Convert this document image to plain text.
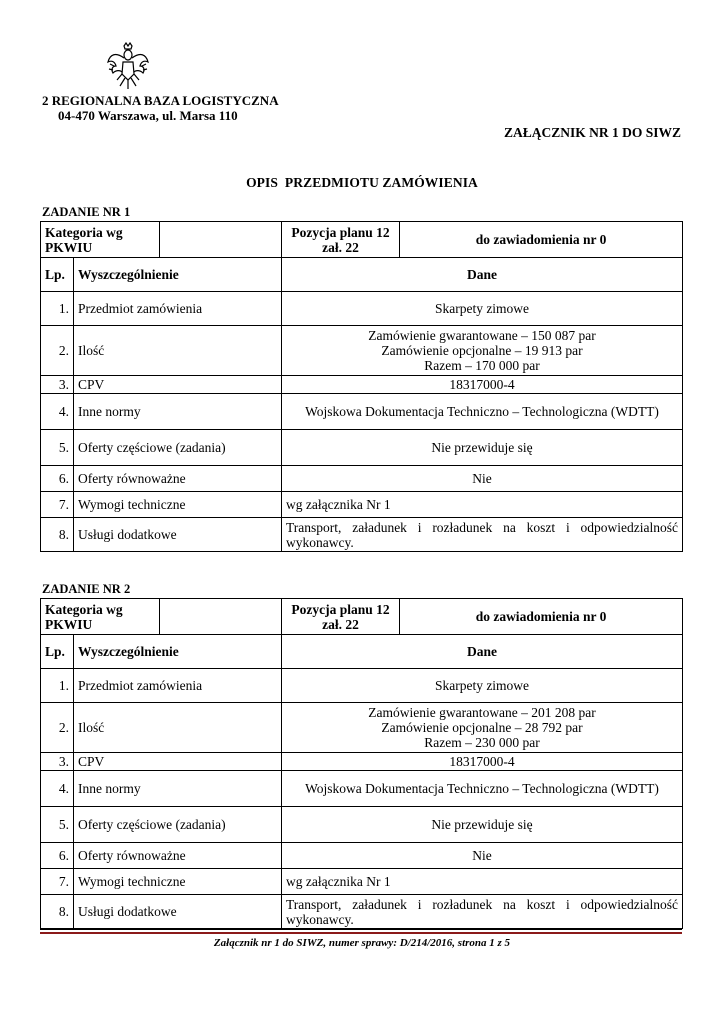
2 REGIONALNA BAZA LOGISTYCZNA
04-470 Warszawa, ul. Marsa 110
ZAŁĄCZNIK NR 1 DO SIWZ
OPIS  PRZEDMIOTU ZAMÓWIENIA
ZADANIE NR 1
Kategoria wg PKWIU			Pozycja planu 12 zał. 22	do zawiadomienia nr 0
Lp.	Wyszczególnienie		Dane	
1.	Przedmiot zamówienia		Skarpety zimowe	
2.	Ilość		Zamówienie gwarantowane – 150 087 par
Zamówienie opcjonalne – 19 913 par
Razem – 170 000 par	

3.	CPV		18317000-4	
4.	Inne normy		Wojskowa Dokumentacja Techniczno – Technologiczna (WDTT)	
5.	Oferty częściowe (zadania)		Nie przewiduje się	
6.	Oferty równoważne		Nie	
7.	Wymogi techniczne		wg załącznika Nr 1	
8.	Usługi dodatkowe		Transport, załadunek i rozładunek na koszt i odpowiedzialność wykonawcy.	
ZADANIE NR 2
Kategoria wg PKWIU			Pozycja planu 12 zał. 22	do zawiadomienia nr 0
Lp.	Wyszczególnienie		Dane	
1.	Przedmiot zamówienia		Skarpety zimowe	
2.	Ilość		Zamówienie gwarantowane – 201 208 par
Zamówienie opcjonalne – 28 792 par
Razem – 230 000 par	

3.	CPV		18317000-4	
4.	Inne normy		Wojskowa Dokumentacja Techniczno – Technologiczna (WDTT)	
5.	Oferty częściowe (zadania)		Nie przewiduje się	
6.	Oferty równoważne		Nie	
7.	Wymogi techniczne		wg załącznika Nr 1	
8.	Usługi dodatkowe		Transport, załadunek i rozładunek na koszt i odpowiedzialność wykonawcy.	
Załącznik nr 1 do SIWZ, numer sprawy: D/214/2016, strona 1 z 5
